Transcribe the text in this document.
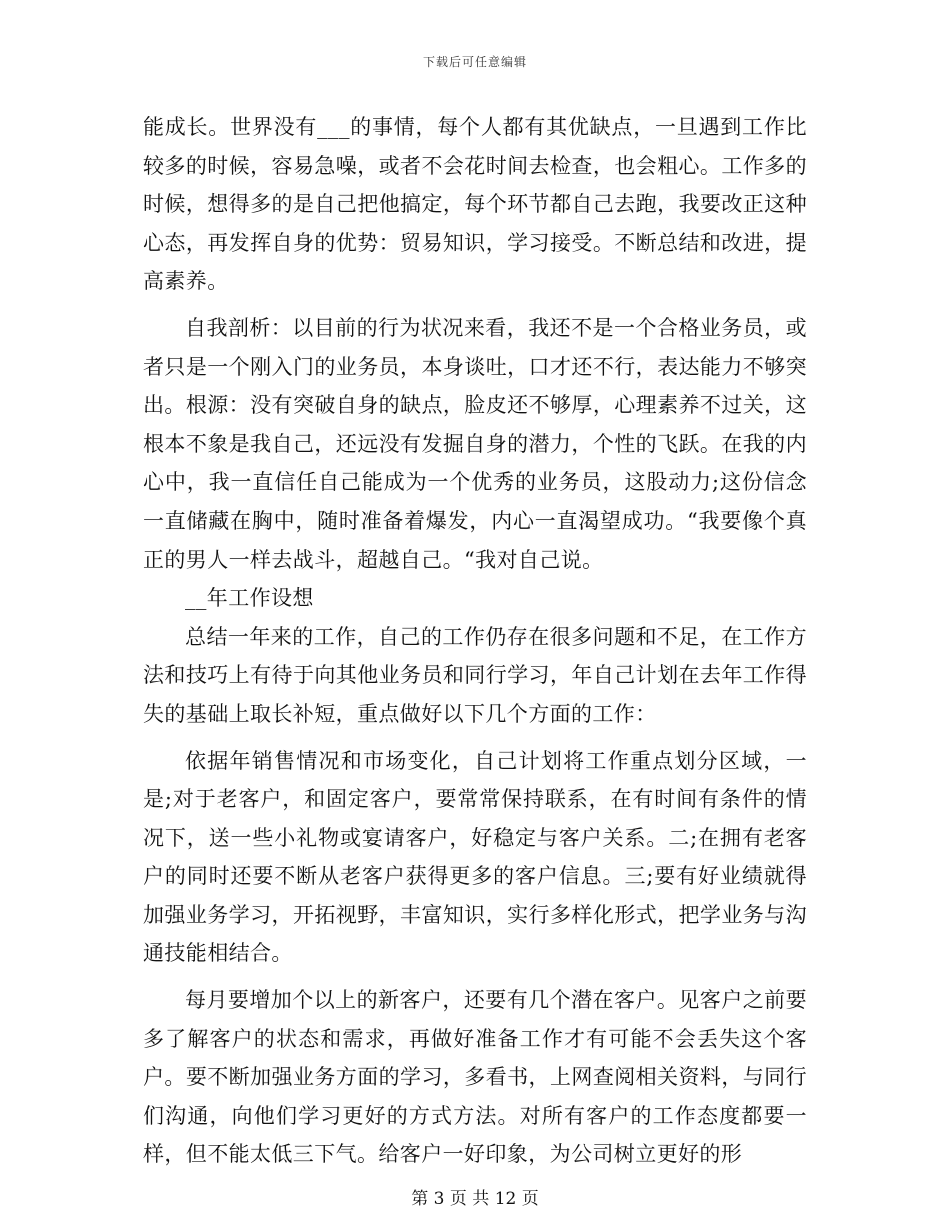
下载后可任意编辑

能成长。世界没有___的事情，每个人都有其优缺点，一旦遇到工作比较多的时候，容易急噪，或者不会花时间去检查，也会粗心。工作多的时候，想得多的是自己把他搞定，每个环节都自己去跑，我要改正这种心态，再发挥自身的优势：贸易知识，学习接受。不断总结和改进，提高素养。

自我剖析：以目前的行为状况来看，我还不是一个合格业务员，或者只是一个刚入门的业务员，本身谈吐，口才还不行，表达能力不够突出。根源：没有突破自身的缺点，脸皮还不够厚，心理素养不过关，这根本不象是我自己，还远没有发掘自身的潜力，个性的飞跃。在我的内心中，我一直信任自己能成为一个优秀的业务员，这股动力;这份信念一直储藏在胸中，随时准备着爆发，内心一直渴望成功。“我要像个真正的男人一样去战斗，超越自己。“我对自己说。

__年工作设想

总结一年来的工作，自己的工作仍存在很多问题和不足，在工作方法和技巧上有待于向其他业务员和同行学习，年自己计划在去年工作得失的基础上取长补短，重点做好以下几个方面的工作：

依据年销售情况和市场变化，自己计划将工作重点划分区域，一是;对于老客户，和固定客户，要常常保持联系，在有时间有条件的情况下，送一些小礼物或宴请客户，好稳定与客户关系。二;在拥有老客户的同时还要不断从老客户获得更多的客户信息。三;要有好业绩就得加强业务学习，开拓视野，丰富知识，实行多样化形式，把学业务与沟通技能相结合。

每月要增加个以上的新客户，还要有几个潜在客户。见客户之前要多了解客户的状态和需求，再做好准备工作才有可能不会丢失这个客户。要不断加强业务方面的学习，多看书，上网查阅相关资料，与同行们沟通，向他们学习更好的方式方法。对所有客户的工作态度都要一样，但不能太低三下气。给客户一好印象，为公司树立更好的形

第 3 页 共 12 页
